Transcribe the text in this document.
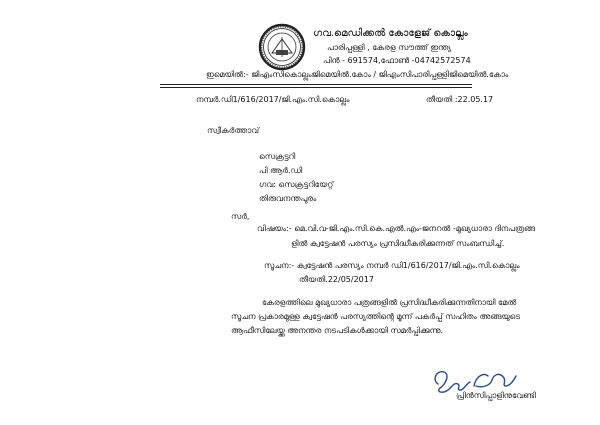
ഗവ.മെഡിക്കൽ കോളേജ് കൊല്ലം
പാരിപ്പള്ളി , കേരള സൗത്ത് ഇന്ത്യ
പിൻ - 691574,ഫോൺ -04742572574
ഇമെയിൽ:- ജിഎംസികൊല്ലംജിമെയിൽ.കോം / ജിഎംസിപാരിപ്പള്ളിജിമെയിൽ.കോം
നമ്പർ.ഡി1/616/2017/ജി.എം.സി.കൊല്ലം	തീയതി :22.05.17
സ്വീകർത്താവ്
സെക്രട്ടറി
പി ആർ.ഡി
ഗവ: സെക്രട്ടറിയേറ്റ്
തിരുവനന്തപുരം
സർ,
വിഷയം:- മെ.വി.വ-ജി.എം.സി.കെ.എൽ.എം-ജനറൽ -മുഖ്യധാരാ ദിനപത്രങ്ങ
ളിൽ ക്വട്ടേഷൻ പരസ്യം പ്രസിദ്ധീകരിക്കുന്നത് സംബന്ധിച്ച്.
സൂചന:- ക്വട്ടേഷൻ പരസ്യം നമ്പർ ഡി1/616/2017/ജി.എം.സി.കൊല്ലം
തീയതി.22/05/2017
കേരളത്തിലെ മുഖ്യധാരാ പത്രങ്ങളിൽ പ്രസിദ്ധീകരിക്കുന്നതിനായി മേൽ
സൂചന പ്രകാരമുള്ള ക്വട്ടേഷൻ പരസ്യത്തിന്റെ മൂന്ന് പകർപ്പ് സഹിതം അങ്ങയുടെ
ആഫീസിലേയ്ക്കു അനന്തര നടപടികൾക്കായി സമർപ്പിക്കുന്നു.
പ്രിൻസിപ്പാളിനുവേണ്ടി
